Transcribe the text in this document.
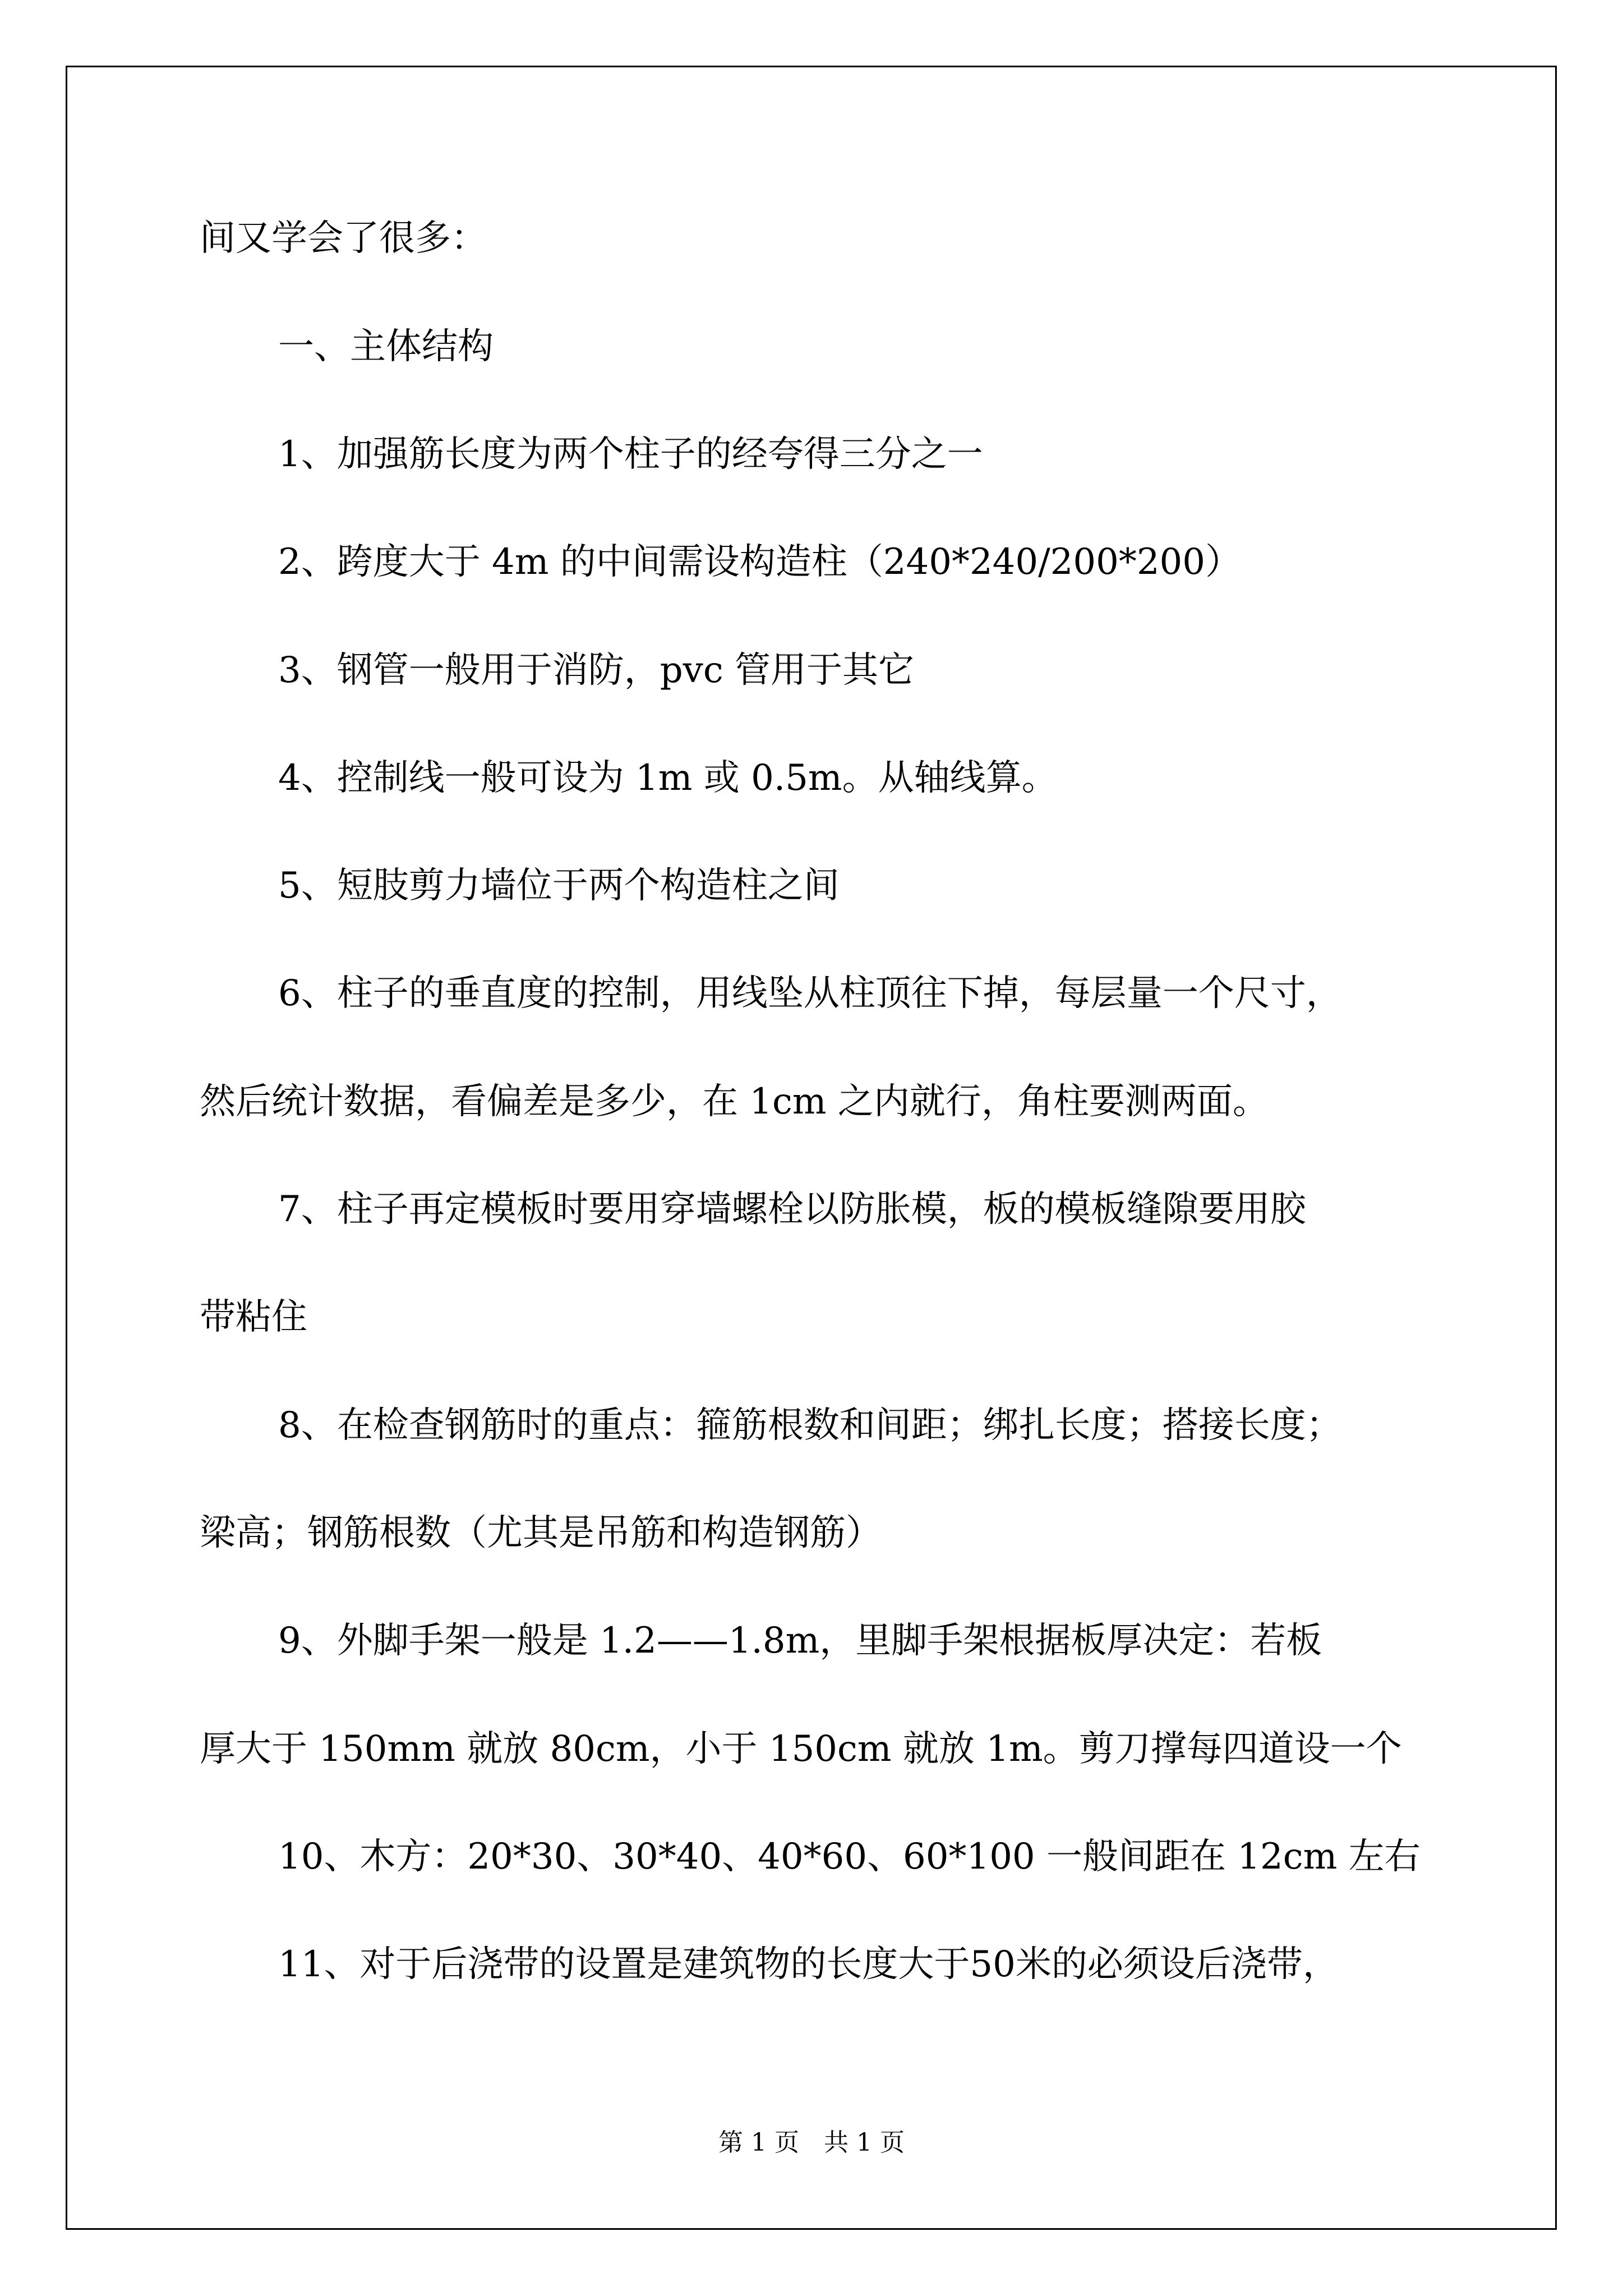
间又学会了很多：
一、主体结构
1、加强筋长度为两个柱子的经夸得三分之一
2、跨度大于 4m 的中间需设构造柱（240*240/200*200）
3、钢管一般用于消防，pvc 管用于其它
4、控制线一般可设为 1m 或 0.5m。从轴线算。
5、短肢剪力墙位于两个构造柱之间
6、柱子的垂直度的控制，用线坠从柱顶往下掉，每层量一个尺寸，
然后统计数据，看偏差是多少，在 1cm 之内就行，角柱要测两面。
7、柱子再定模板时要用穿墙螺栓以防胀模，板的模板缝隙要用胶
带粘住
8、在检查钢筋时的重点：箍筋根数和间距；绑扎长度；搭接长度；
梁高；钢筋根数（尤其是吊筋和构造钢筋）
9、外脚手架一般是 1.2——1.8m，里脚手架根据板厚决定：若板
厚大于 150mm 就放 80cm，小于 150cm 就放 1m。剪刀撑每四道设一个
10、木方：20*30、30*40、40*60、60*100 一般间距在 12cm 左右
11、对于后浇带的设置是建筑物的长度大于50米的必须设后浇带，
第 1 页　共 1 页
